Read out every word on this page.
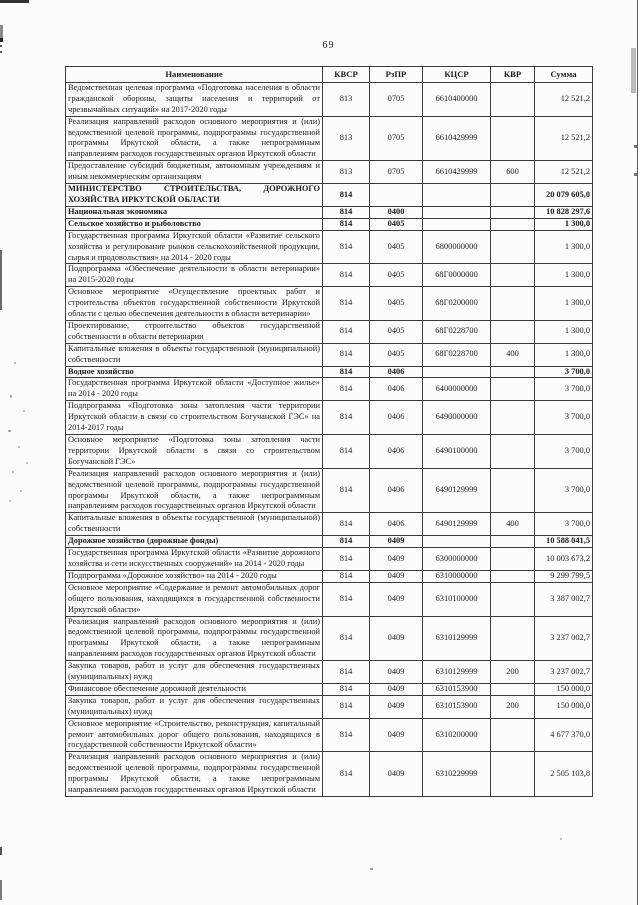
69
Наименование	КВСР	РзПР	КЦСР	КВР	Сумма
Ведомственная целевая программа «Подготовка населения в области гражданской обороны, защиты населения и территорий от чрезвычайных ситуаций» на 2017-2020 годы	813	0705	6610400000		12 521,2
Реализация направлений расходов основного мероприятия и (или) ведомственной целевой программы, подпрограммы государственной программы Иркутской области, а также непрограммным направлениям расходов государственных органов Иркутской области	813	0705	6610429999		12 521,2
Предоставление субсидий бюджетным, автономным учреждениям и иным некоммерческим организациям	813	0705	6610429999	600	12 521,2
МИНИСТЕРСТВО СТРОИТЕЛЬСТВА, ДОРОЖНОГО ХОЗЯЙСТВА ИРКУТСКОЙ ОБЛАСТИ	814				20 079 605,0
Национальная экономика	814	0400			10 828 297,6
Сельское хозяйство и рыболовство	814	0405			1 300,0
Государственная программа Иркутской области «Развитие сельского хозяйства и регулирование рынков сельскохозяйственной продукции, сырья и продовольствия» на 2014 - 2020 годы	814	0405	6800000000		1 300,0
Подпрограмма «Обеспечение деятельности в области ветеринарии» на 2015-2020 годы	814	0405	68Г0000000		1 300,0
Основное мероприятие «Осуществление проектных работ и строительства объектов государственной собственности Иркутской области с целью обеспечения деятельности в области ветеринарии»	814	0405	68Г0200000		1 300,0
Проектирование, строительство объектов государственной собственности в области ветеринарии	814	0405	68Г0228700		1 300,0
Капитальные вложения в объекты государственной (муниципальной) собственности	814	0405	68Г0228700	400	1 300,0
Водное хозяйство	814	0406			3 700,0
Государственная программа Иркутской области «Доступное жилье» на 2014 - 2020 годы	814	0406	6400000000		3 700,0
Подпрограмма «Подготовка зоны затопления части территории Иркутской области в связи со строительством Богучанской ГЭС» на 2014-2017 годы	814	0406	6490000000		3 700,0
Основное мероприятие «Подготовка зоны затопления части территории Иркутской области в связи со строительством Богучанской ГЭС»	814	0406	6490100000		3 700,0
Реализация направлений расходов основного мероприятия и (или) ведомственной целевой программы, подпрограммы государственной программы Иркутской области, а также непрограммным направлениям расходов государственных органов Иркутской области	814	0406	6490129999		3 700,0
Капитальные вложения в объекты государственной (муниципальной) собственности	814	0406	6490129999	400	3 700,0
Дорожное хозяйство (дорожные фонды)	814	0409			10 588 041,5
Государственная программа Иркутской области «Развитие дорожного хозяйства и сети искусственных сооружений» на 2014 - 2020 годы	814	0409	6300000000		10 003 673,2
Подпрограмма «Дорожное хозяйство» на 2014 - 2020 годы	814	0409	6310000000		9 299 799,5
Основное мероприятие «Содержание и ремонт автомобильных дорог общего пользования, находящихся в государственной собственности Иркутской области»	814	0409	6310100000		3 387 002,7
Реализация направлений расходов основного мероприятия и (или) ведомственной целевой программы, подпрограммы государственной программы Иркутской области, а также непрограммным направлениям расходов государственных органов Иркутской области	814	0409	6310129999		3 237 002,7
Закупка товаров, работ и услуг для обеспечения государственных (муниципальных) нужд	814	0409	6310129999	200	3 237 002,7
Финансовое обеспечение дорожной деятельности	814	0409	6310153900		150 000,0
Закупка товаров, работ и услуг для обеспечения государственных (муниципальных) нужд	814	0409	6310153900	200	150 000,0
Основное мероприятие «Строительство, реконструкция, капитальный ремонт автомобильных дорог общего пользования, находящихся в государственной собственности Иркутской области»	814	0409	6310200000		4 677 370,0
Реализация направлений расходов основного мероприятия и (или) ведомственной целевой программы, подпрограммы государственной программы Иркутской области, а также непрограммным направлениям расходов государственных органов Иркутской области	814	0409	6310229999		2 505 103,8
